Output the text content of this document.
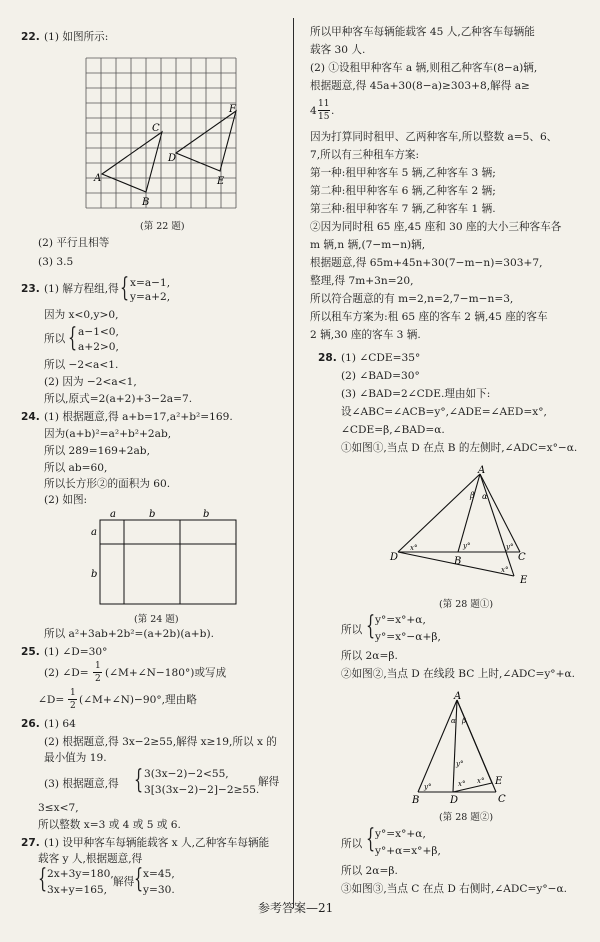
22. (1) 如图所示:
A
B
C
D
E
F
(第 22 题)
(2) 平行且相等
(3) 3.5
23. (1) 解方程组,得 { x=a−1,
y=a+2,
因为 x<0,y>0,
所以 { a−1<0,
a+2>0,
所以 −2<a<1.
(2) 因为 −2<a<1,
所以,原式=2(a+2)+3−2a=7.
24. (1) 根据题意,得 a+b=17,a²+b²=169.
因为(a+b)²=a²+b²+2ab,
所以 289=169+2ab,
所以 ab=60,
所以长方形②的面积为 60.
(2) 如图:
a	b	b
a
b
(第 24 题)
所以 a²+3ab+2b²=(a+2b)(a+b).
25. (1) ∠D=30°
(2) ∠D=
1
2 (∠M+∠N−180°)或写成
∠D=
1
2 (∠M+∠N)−90°,理由略
26. (1) 64
(2) 根据题意,得 3x−2≥55,解得 x≥19,所以 x 的
最小值为 19.
(3) 根据题意,得 { 3(3x−2)−2<55,
3[3(3x−2)−2]−2≥55.
解得
3≤x<7,
所以整数 x=3 或 4 或 5 或 6.
27. (1) 设甲种客车每辆能载客 x 人,乙种客车每辆能
载客 y 人,根据题意,得
{ 2x+3y=180,
3x+y=165,
解得 { x=45,
y=30.
所以甲种客车每辆能载客 45 人,乙种客车每辆能
载客 30 人.
(2) ①设租甲种客车 a 辆,则租乙种客车(8−a)辆,
根据题意,得 45a+30(8−a)≥303+8,解得 a≥
4
11
15 .
因为打算同时租甲、乙两种客车,所以整数 a=5、6、
7,所以有三种租车方案:
第一种:租甲种客车 5 辆,乙种客车 3 辆;
第二种:租甲种客车 6 辆,乙种客车 2 辆;
第三种:租甲种客车 7 辆,乙种客车 1 辆.
②因为同时租 65 座,45 座和 30 座的大小三种客车各
m 辆,n 辆,(7−m−n)辆,
根据题意,得 65m+45n+30(7−m−n)=303+7,
整理,得 7m+3n=20,
所以符合题意的有 m=2,n=2,7−m−n=3,
所以租车方案为:租 65 座的客车 2 辆,45 座的客车
2 辆,30 座的客车 3 辆.
28. (1) ∠CDE=35°
(2) ∠BAD=30°
(3) ∠BAD=2∠CDE.理由如下:
设∠ABC=∠ACB=y°,∠ADE=∠AED=x°,
∠CDE=β,∠BAD=α.
①如图①,当点 D 在点 B 的左侧时,∠ADC=x°−α.
A
B	C
D
E
β α
x°
x°
y°	y°
(第 28 题①)
所以 { y°=x°+α,
y°=x°−α+β,
所以 2α=β.
②如图②,当点 D 在线段 BC 上时,∠ADC=y°+α.
A
B	C
D
E
α β
x° x°
y°
y°
(第 28 题②)
所以 { y°=x°+α,
y°+α=x°+β,
所以 2α=β.
③如图③,当点 C 在点 D 右侧时,∠ADC=y°−α.
参考答案—21
